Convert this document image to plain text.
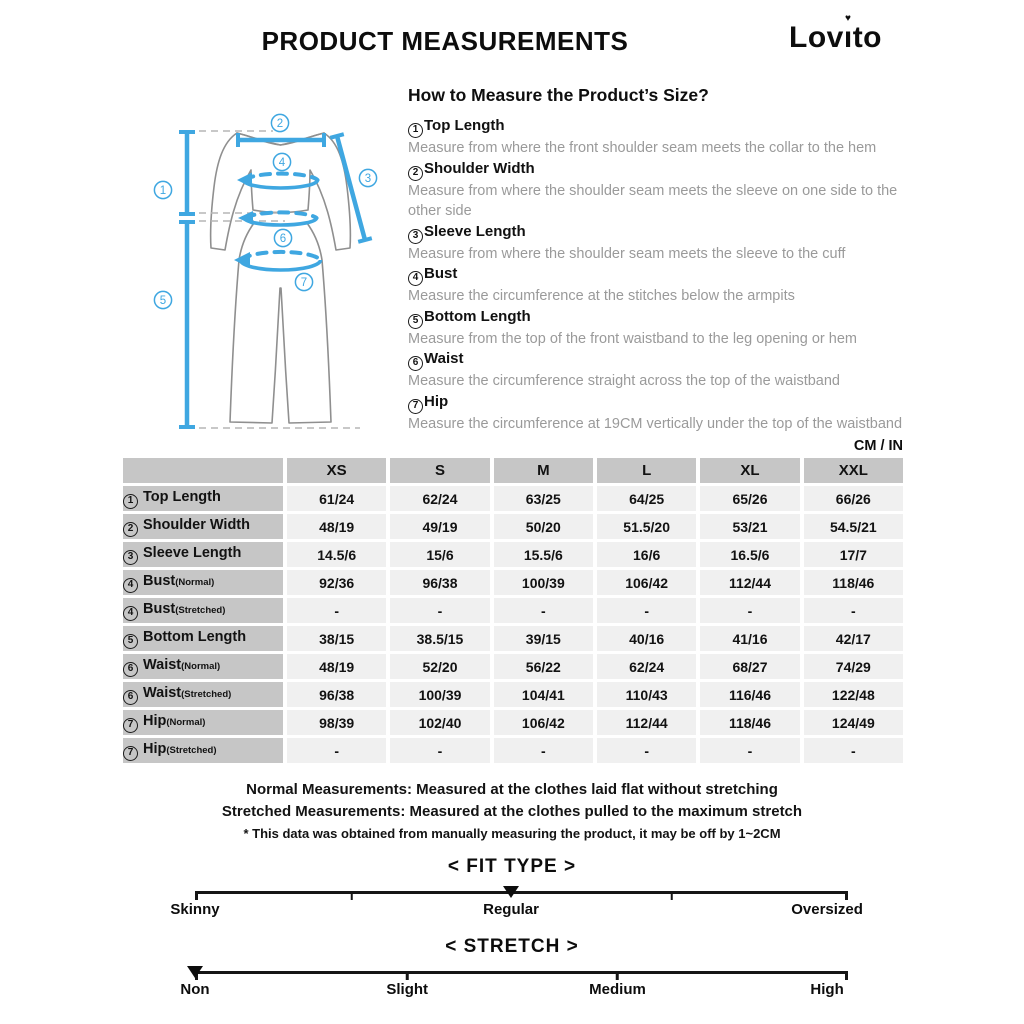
PRODUCT MEASUREMENTS	Lovı
♥
to
1
2
3
4
5
6
7
How to Measure the Product’s Size?
1 Top Length
Measure from where the front shoulder seam meets the collar to the hem
2 Shoulder Width
Measure from where the shoulder seam meets the sleeve on one side to the other side
3 Sleeve Length
Measure from where the shoulder seam meets the sleeve to the cuff
4 Bust
Measure the circumference at the stitches below the armpits
5 Bottom Length
Measure from the top of the front waistband to the leg opening or hem
6 Waist
Measure the circumference straight across the top of the waistband
7 Hip
Measure the circumference at 19CM vertically under the top of the waistband
CM / IN
	XS	S	M	L	XL	XXL
1 Top Length	61/24	62/24	63/25	64/25	65/26	66/26
2 Shoulder Width	48/19	49/19	50/20	51.5/20	53/21	54.5/21
3 Sleeve Length	14.5/6	15/6	15.5/6	16/6	16.5/6	17/7
4 Bust(Normal)	92/36	96/38	100/39	106/42	112/44	118/46
4 Bust(Stretched)	-	-	-	-	-	-
5 Bottom Length	38/15	38.5/15	39/15	40/16	41/16	42/17
6 Waist(Normal)	48/19	52/20	56/22	62/24	68/27	74/29
6 Waist(Stretched)	96/38	100/39	104/41	110/43	116/46	122/48
7 Hip(Normal)	98/39	102/40	106/42	112/44	118/46	124/49
7 Hip(Stretched)	-	-	-	-	-	-
Normal Measurements: Measured at the clothes laid flat without stretching
Stretched Measurements: Measured at the clothes pulled to the maximum stretch
* This data was obtained from manually measuring the product, it may be off by 1~2CM
< FIT TYPE >
Skinny	Regular	Oversized
< STRETCH >
Non	Slight	Medium	High
